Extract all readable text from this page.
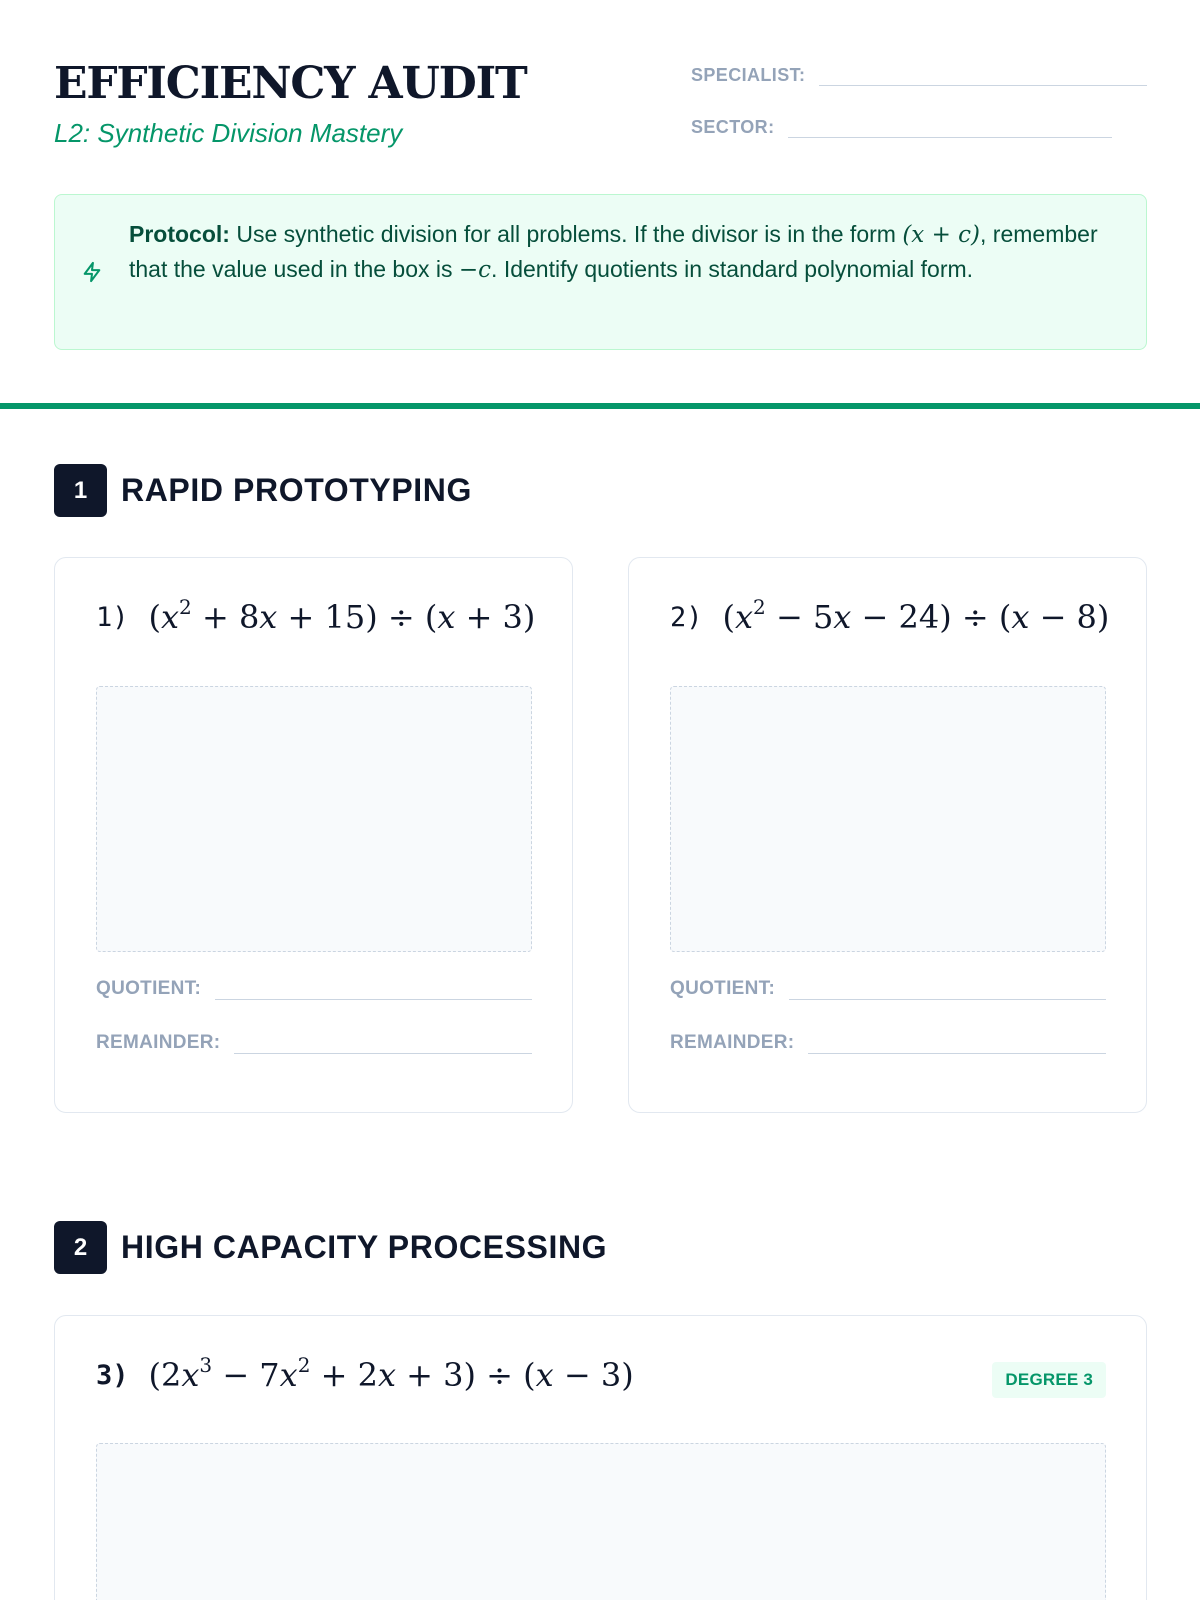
EFFICIENCY AUDIT
L2: Synthetic Division Mastery
SPECIALIST:
SECTOR:
Protocol: Use synthetic division for all problems. If the divisor is in the form (x + c), remember that the value used in the box is −c. Identify quotients in standard polynomial form.
1	RAPID PROTOTYPING
1) $(x^2 + 8x + 15) \div (x + 3)$
QUOTIENT:
REMAINDER:
2) $(x^2 - 5x - 24) \div (x - 8)$
QUOTIENT:
REMAINDER:
2	HIGH CAPACITY PROCESSING
3) $(2x^3 - 7x^2 + 2x + 3) \div (x - 3)$	DEGREE 3
